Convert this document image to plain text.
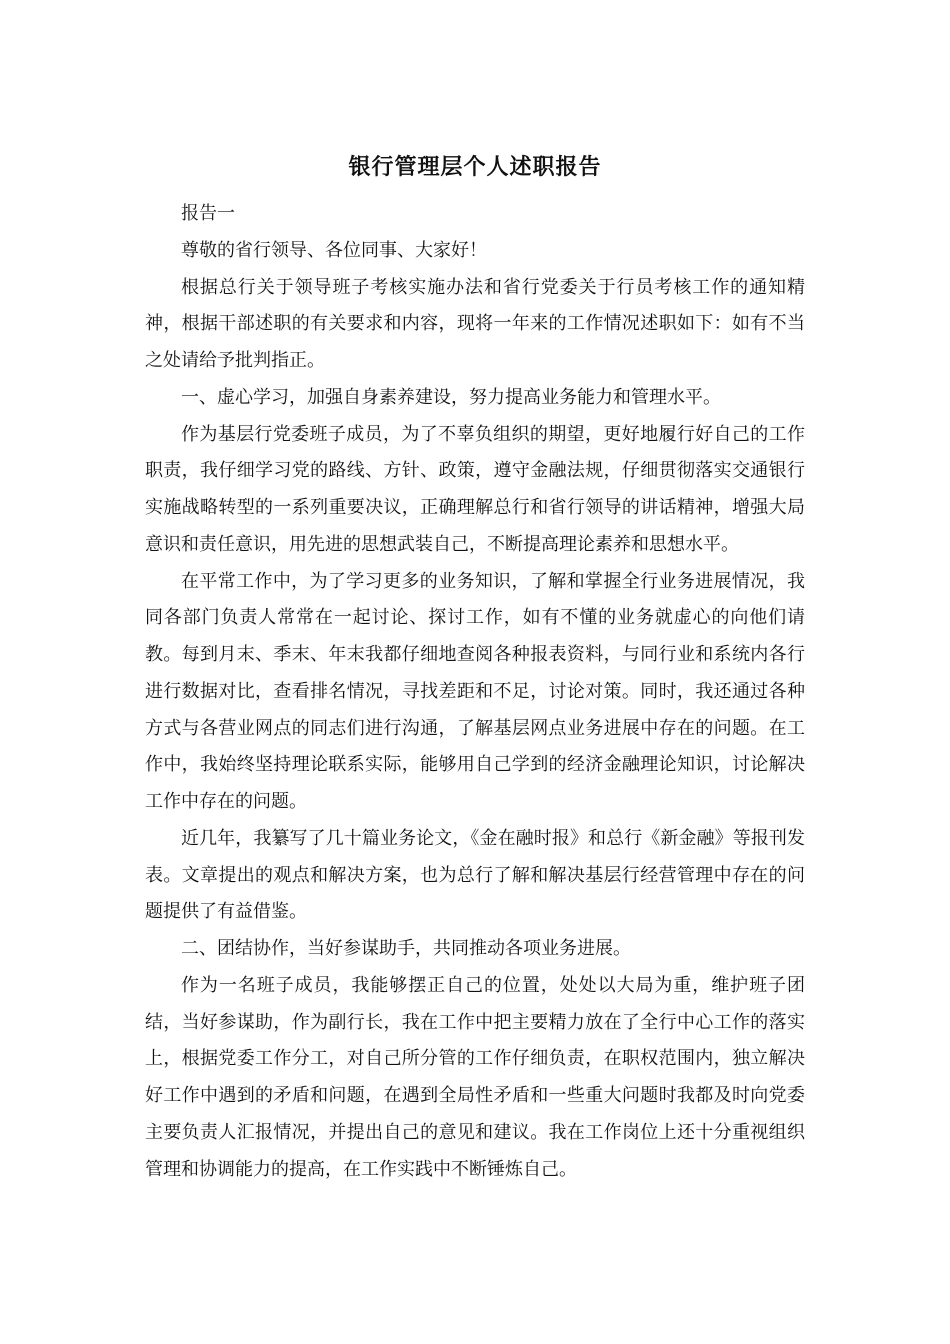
银行管理层个人述职报告

报告一

尊敬的省行领导、各位同事、大家好！

根据总行关于领导班子考核实施办法和省行党委关于行员考核工作的通知精神，根据干部述职的有关要求和内容，现将一年来的工作情况述职如下：如有不当之处请给予批判指正。

一、虚心学习，加强自身素养建设，努力提高业务能力和管理水平。

作为基层行党委班子成员，为了不辜负组织的期望，更好地履行好自己的工作职责，我仔细学习党的路线、方针、政策，遵守金融法规，仔细贯彻落实交通银行实施战略转型的一系列重要决议，正确理解总行和省行领导的讲话精神，增强大局意识和责任意识，用先进的思想武装自己，不断提高理论素养和思想水平。

在平常工作中，为了学习更多的业务知识，了解和掌握全行业务进展情况，我同各部门负责人常常在一起讨论、探讨工作，如有不懂的业务就虚心的向他们请教。每到月末、季末、年末我都仔细地查阅各种报表资料，与同行业和系统内各行进行数据对比，查看排名情况，寻找差距和不足，讨论对策。同时，我还通过各种方式与各营业网点的同志们进行沟通，了解基层网点业务进展中存在的问题。在工作中，我始终坚持理论联系实际，能够用自己学到的经济金融理论知识，讨论解决工作中存在的问题。

近几年，我纂写了几十篇业务论文，《金在融时报》和总行《新金融》等报刊发表。文章提出的观点和解决方案，也为总行了解和解决基层行经营管理中存在的问题提供了有益借鉴。

二、团结协作，当好参谋助手，共同推动各项业务进展。

作为一名班子成员，我能够摆正自己的位置，处处以大局为重，维护班子团结，当好参谋助，作为副行长，我在工作中把主要精力放在了全行中心工作的落实上，根据党委工作分工，对自己所分管的工作仔细负责，在职权范围内，独立解决好工作中遇到的矛盾和问题，在遇到全局性矛盾和一些重大问题时我都及时向党委主要负责人汇报情况，并提出自己的意见和建议。我在工作岗位上还十分重视组织管理和协调能力的提高，在工作实践中不断锤炼自己。
